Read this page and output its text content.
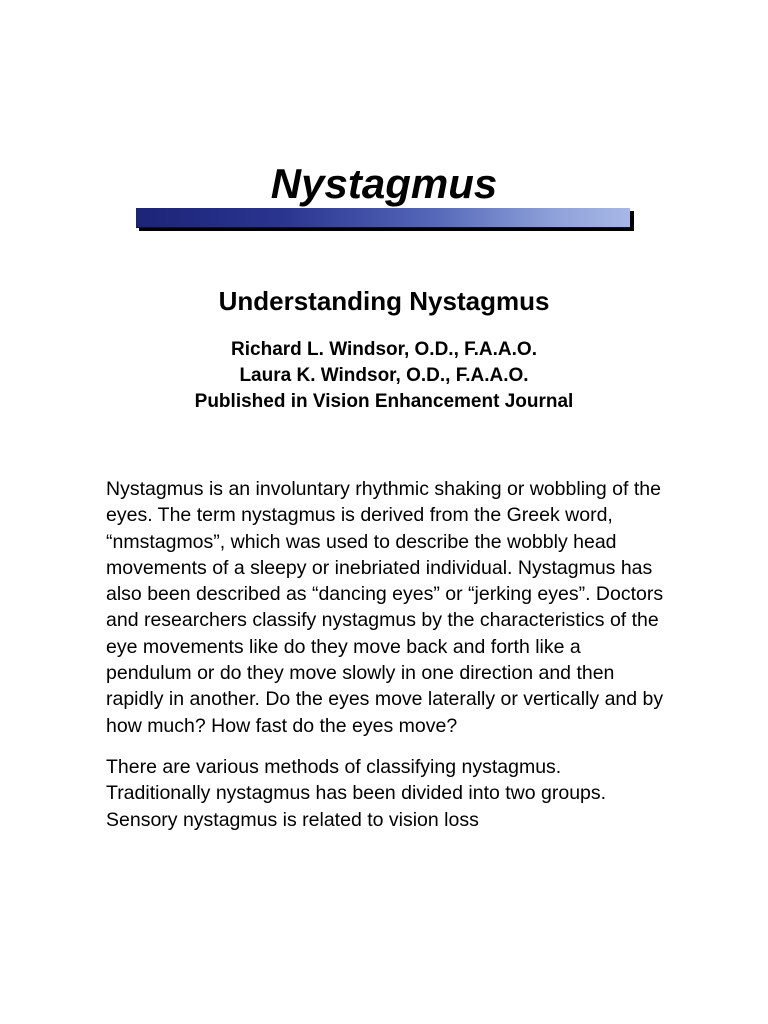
Nystagmus
Understanding Nystagmus
Richard L. Windsor, O.D., F.A.A.O.
Laura K. Windsor, O.D., F.A.A.O.
Published in Vision Enhancement Journal

Nystagmus is an involuntary rhythmic shaking or wobbling of the eyes. The term nystagmus is derived from the Greek word, “nmstagmos”, which was used to describe the wobbly head movements of a sleepy or inebriated individual. Nystagmus has also been described as “dancing eyes” or “jerking eyes”. Doctors and researchers classify nystagmus by the characteristics of the eye movements like do they move back and forth like a pendulum or do they move slowly in one direction and then rapidly in another. Do the eyes move laterally or vertically and by how much? How fast do the eyes move?

There are various methods of classifying nystagmus. Traditionally nystagmus has been divided into two groups. Sensory nystagmus is related to vision loss
